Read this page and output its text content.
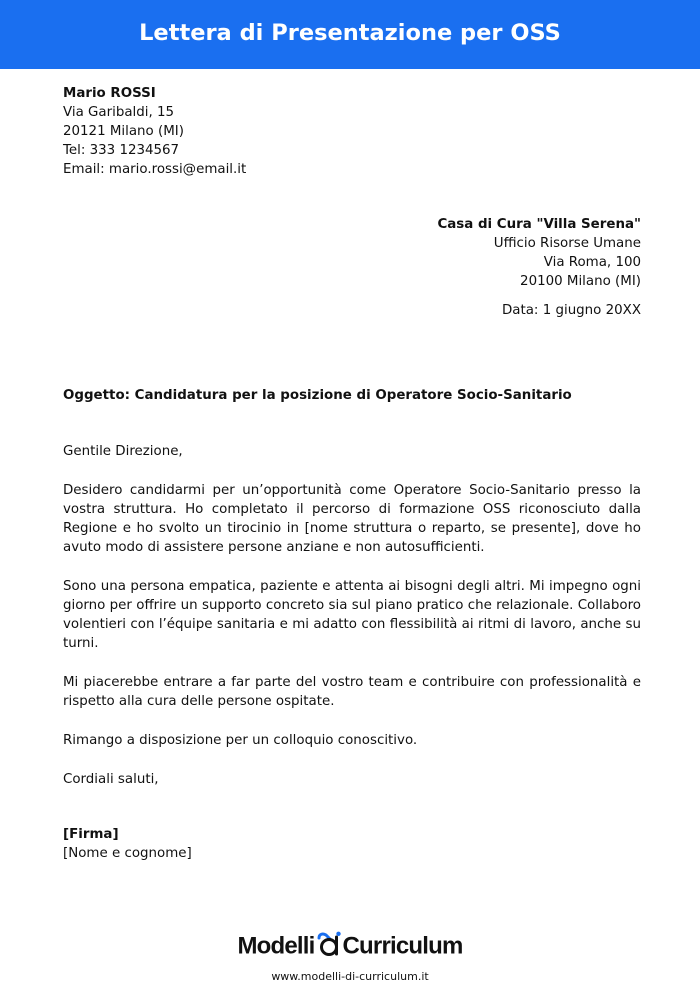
Lettera di Presentazione per OSS
Mario ROSSI
Via Garibaldi, 15
20121 Milano (MI)
Tel: 333 1234567
Email: mario.rossi@email.it
Casa di Cura "Villa Serena"
Ufficio Risorse Umane
Via Roma, 100
20100 Milano (MI)
Data: 1 giugno 20XX
Oggetto: Candidatura per la posizione di Operatore Socio-Sanitario

Gentile Direzione,

Desidero candidarmi per un’opportunità come Operatore Socio-Sanitario presso la vostra struttura. Ho completato il percorso di formazione OSS riconosciuto dalla Regione e ho svolto un tirocinio in [nome struttura o reparto, se presente], dove ho avuto modo di assistere persone anziane e non autosufficienti.

Sono una persona empatica, paziente e attenta ai bisogni degli altri. Mi impegno ogni giorno per offrire un supporto concreto sia sul piano pratico che relazionale. Collaboro volentieri con l’équipe sanitaria e mi adatto con flessibilità ai ritmi di lavoro, anche su turni.

Mi piacerebbe entrare a far parte del vostro team e contribuire con professionalità e rispetto alla cura delle persone ospitate.

Rimango a disposizione per un colloquio conoscitivo.

Cordiali saluti,

[Firma]
[Nome e cognome]
Modelli Curriculum
www.modelli-di-curriculum.it
